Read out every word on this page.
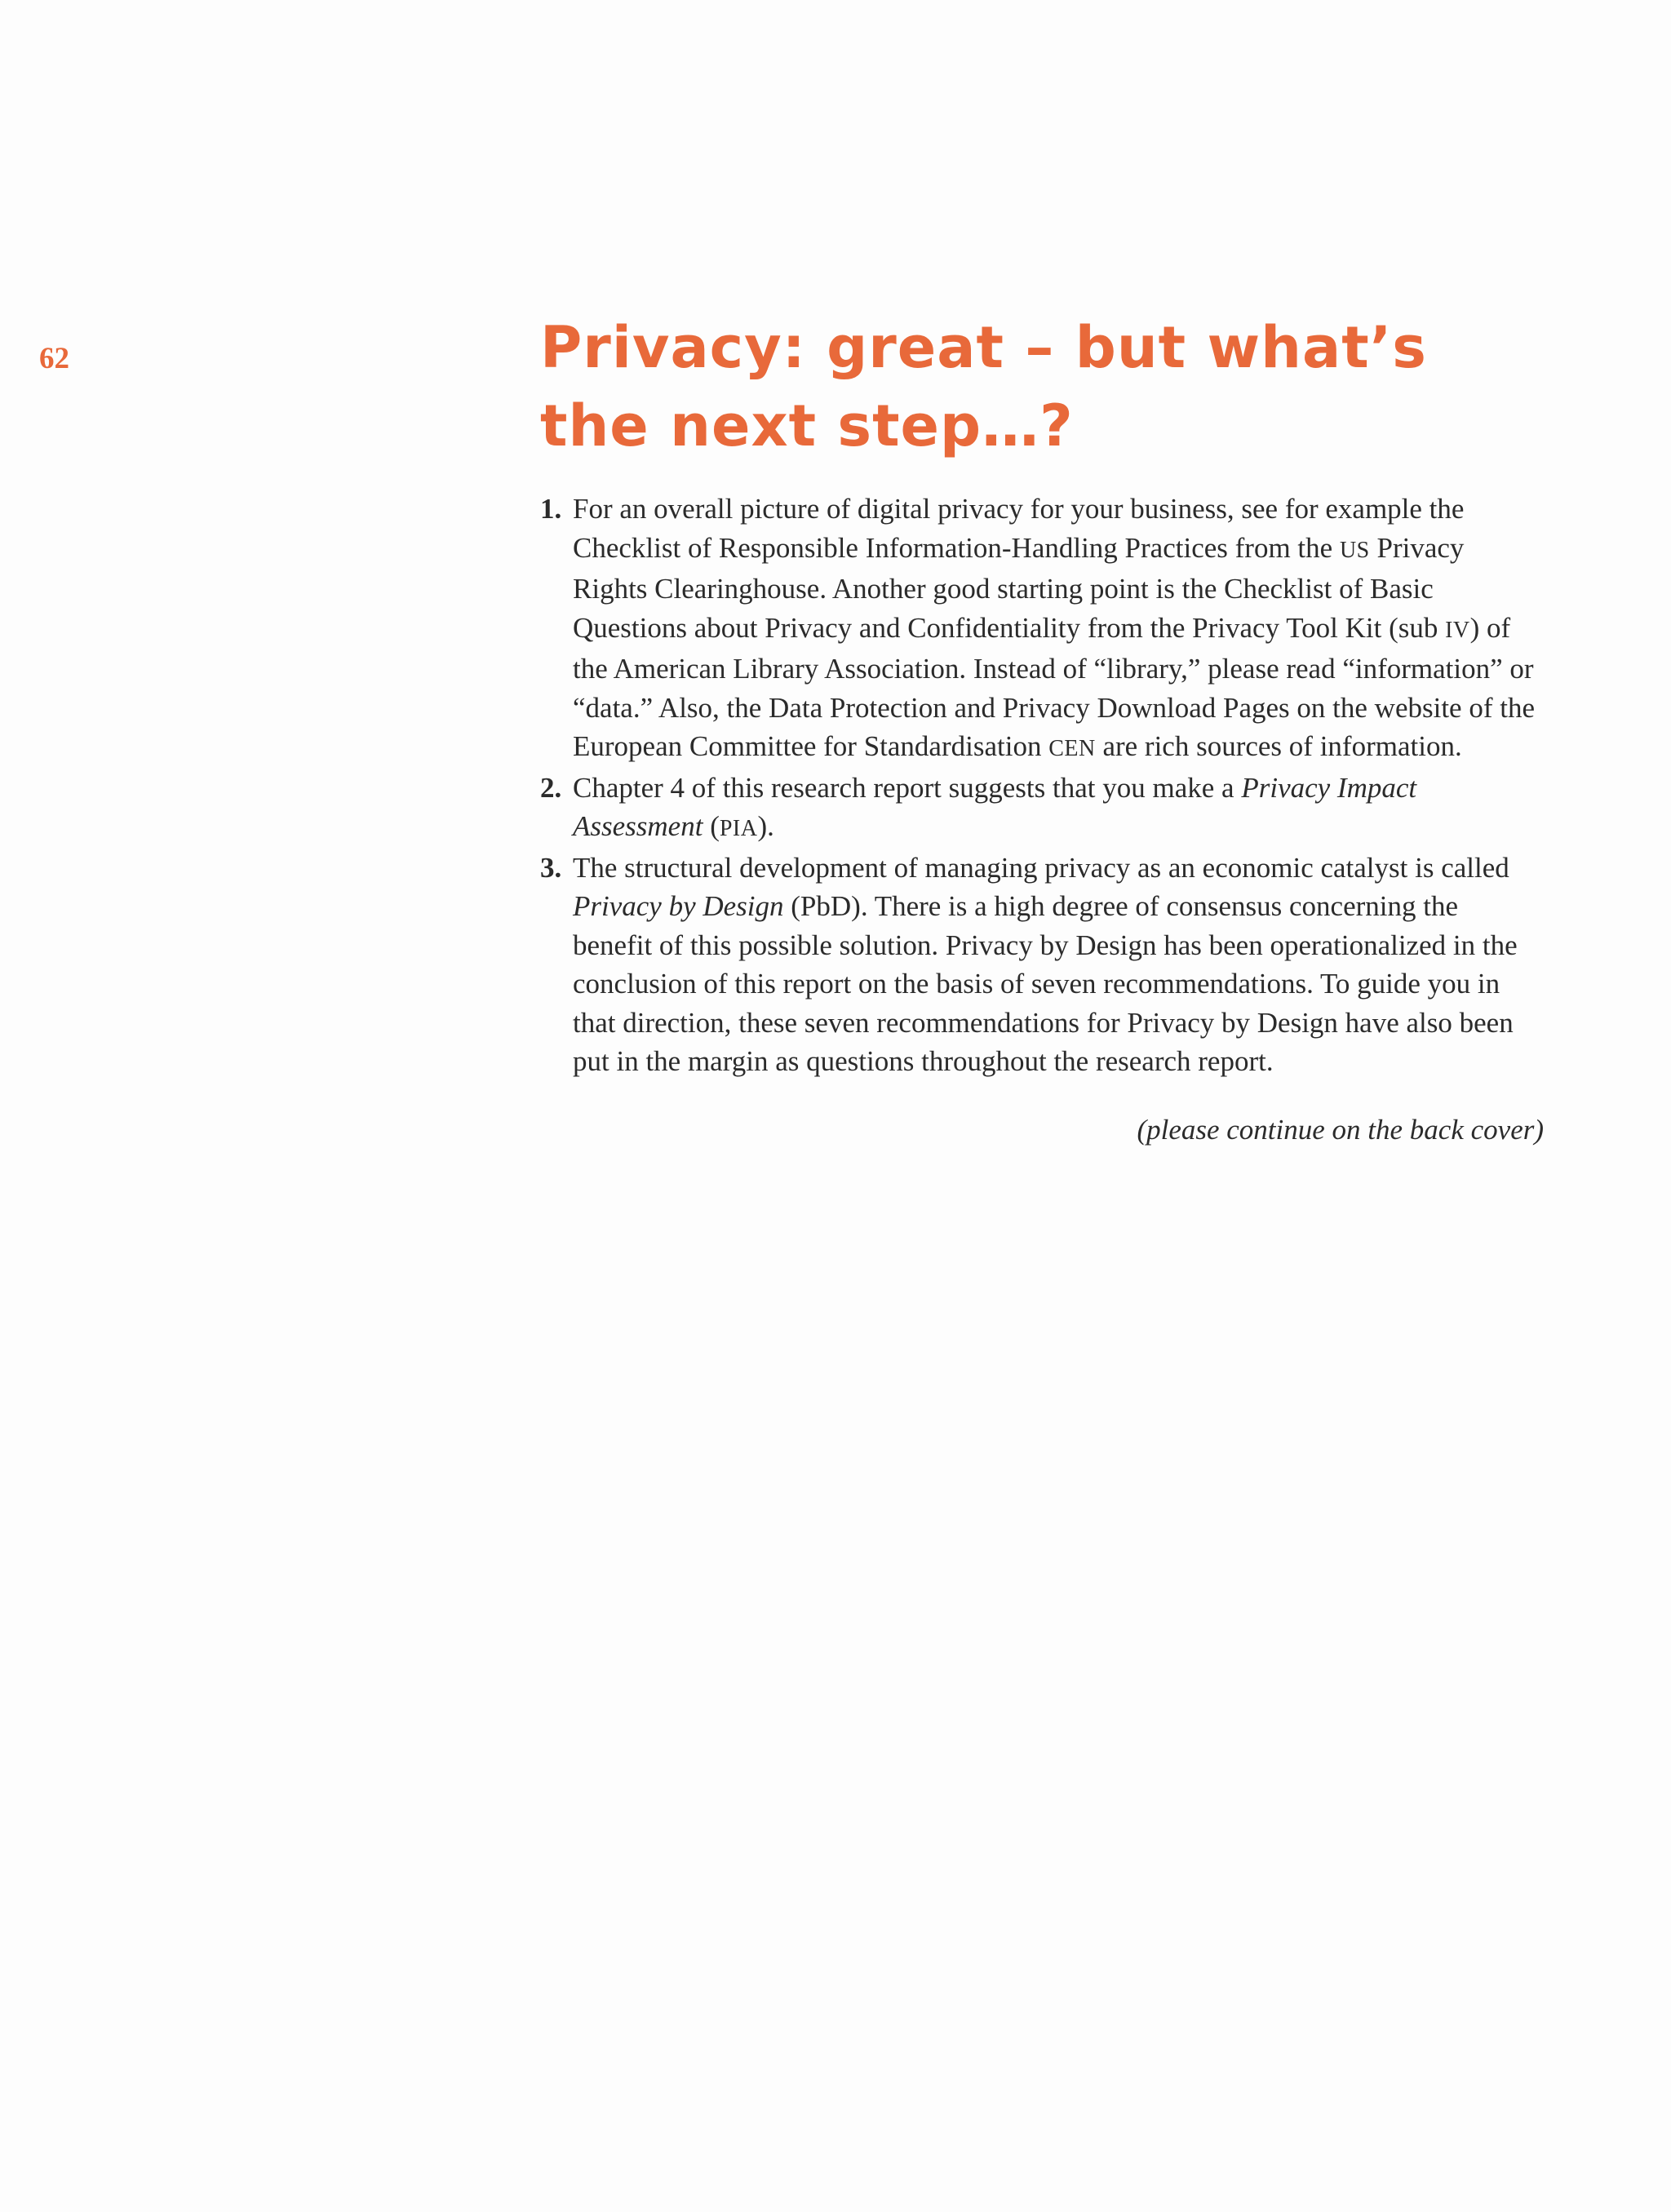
62	Privacy: great – but what’s
the next step…?
1. For an overall picture of digital privacy for your business, see for example the Checklist of Responsible Information-Handling Practices from the US Privacy Rights Clearinghouse. Another good starting point is the Checklist of Basic Questions about Privacy and Confidentiality from the Privacy Tool Kit (sub IV) of the American Library Association. Instead of “library,” please read “information” or “data.” Also, the Data Protection and Privacy Download Pages on the website of the European Committee for Standardisation CEN are rich sources of information.
2. Chapter 4 of this research report suggests that you make a Privacy Impact Assessment (PIA).
3. The structural development of managing privacy as an economic catalyst is called Privacy by Design (PbD). There is a high degree of consensus concerning the benefit of this possible solution. Privacy by Design has been operationalized in the conclusion of this report on the basis of seven recommendations. To guide you in that direction, these seven recommendations for Privacy by Design have also been put in the margin as questions throughout the research report.
(please continue on the back cover)
